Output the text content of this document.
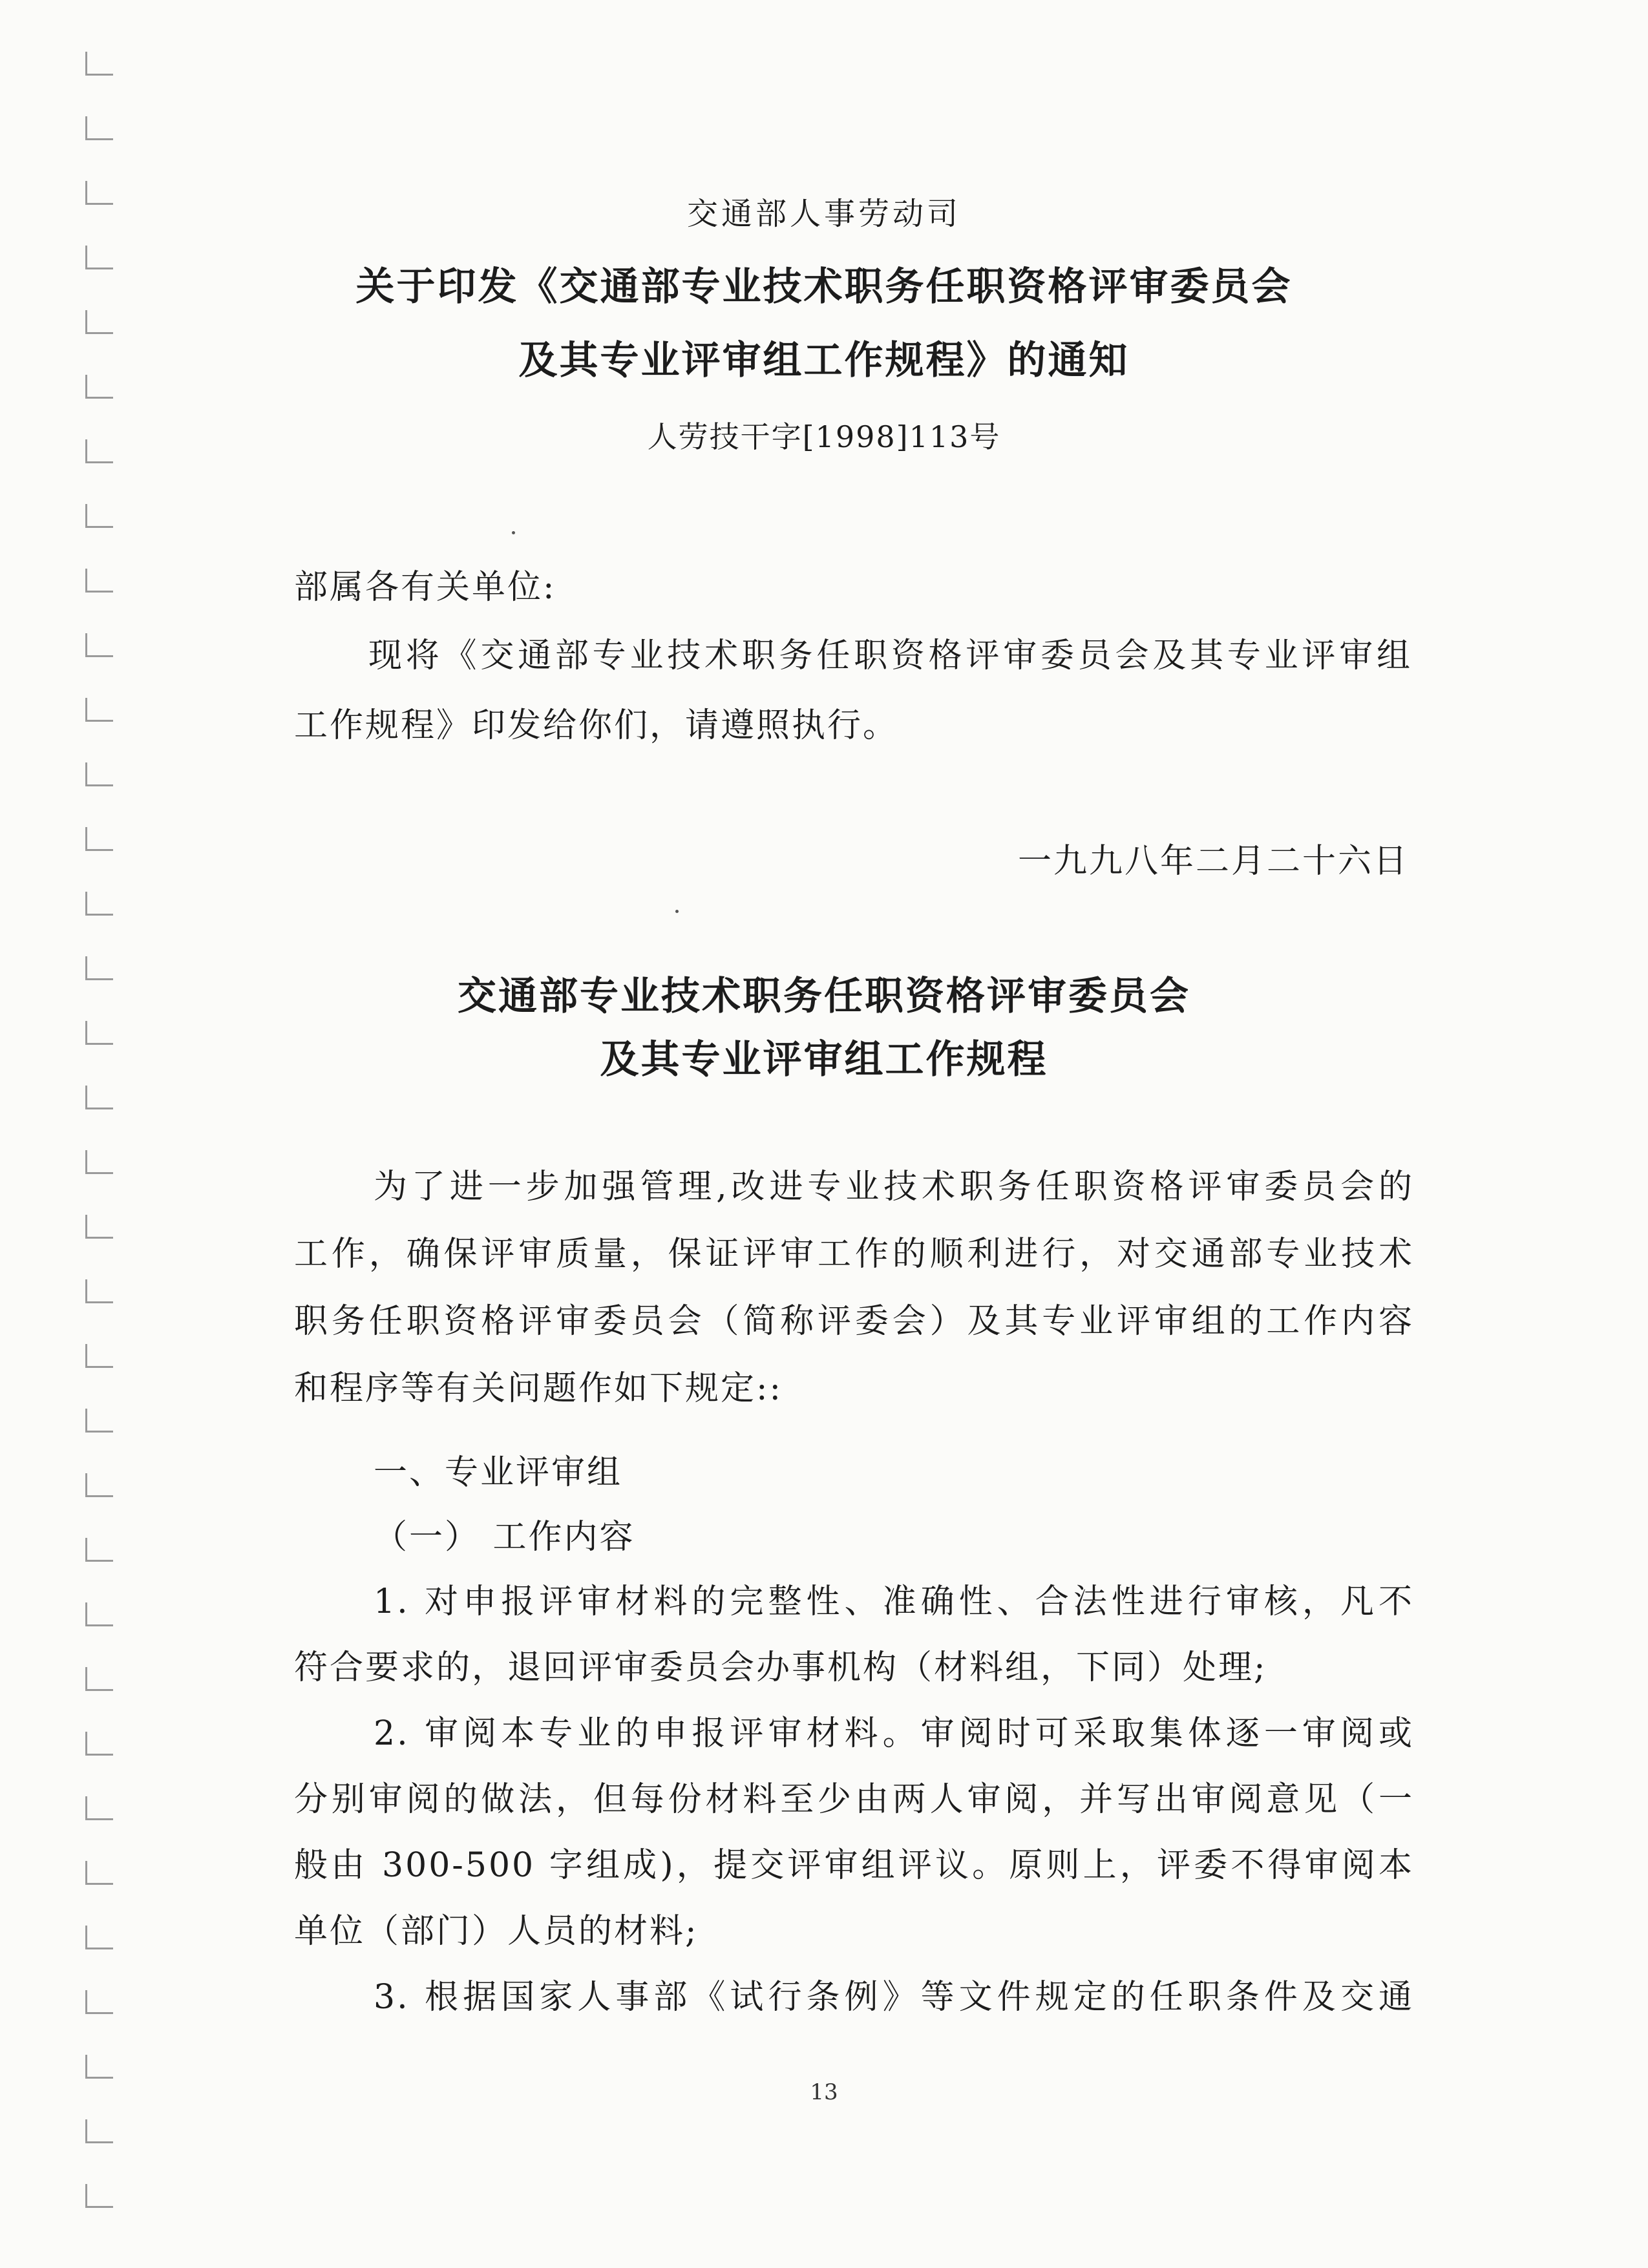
交通部人事劳动司
关于印发《交通部专业技术职务任职资格评审委员会
及其专业评审组工作规程》的通知
人劳技干字[1998]113号
部属各有关单位:
现将《交通部专业技术职务任职资格评审委员会及其专业评审组
工作规程》印发给你们，请遵照执行。
一九九八年二月二十六日
交通部专业技术职务任职资格评审委员会
及其专业评审组工作规程
为了进一步加强管理,改进专业技术职务任职资格评审委员会的
工作，确保评审质量，保证评审工作的顺利进行，对交通部专业技术
职务任职资格评审委员会（简称评委会）及其专业评审组的工作内容
和程序等有关问题作如下规定::
一、专业评审组
（一） 工作内容
1. 对申报评审材料的完整性、准确性、合法性进行审核，凡不
符合要求的，退回评审委员会办事机构（材料组，下同）处理;
2. 审阅本专业的申报评审材料。审阅时可采取集体逐一审阅或
分别审阅的做法，但每份材料至少由两人审阅，并写出审阅意见（一
般由 300-500 字组成)，提交评审组评议。原则上，评委不得审阅本
单位（部门）人员的材料;
3. 根据国家人事部《试行条例》等文件规定的任职条件及交通
13
